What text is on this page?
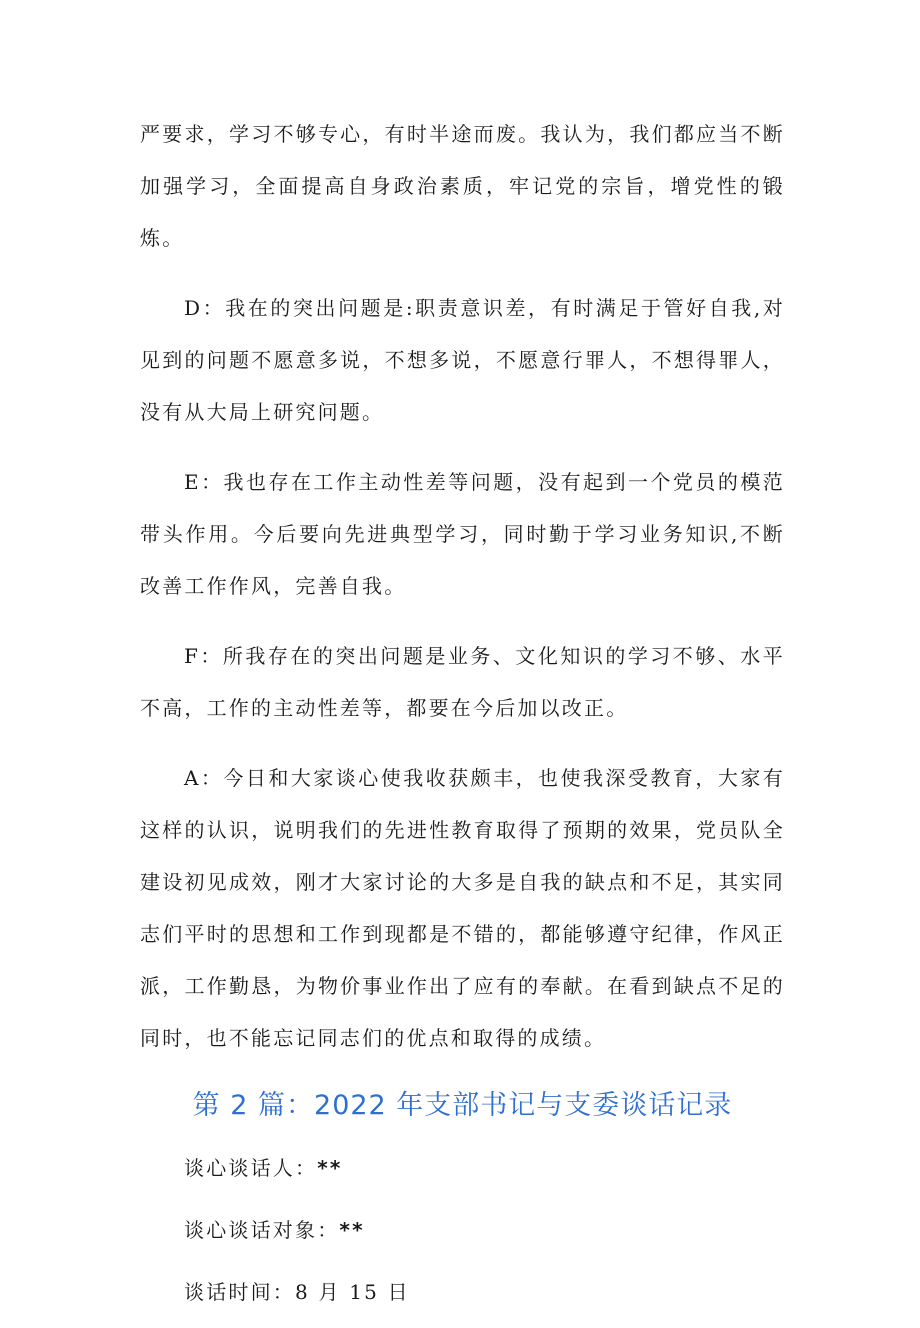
严要求，学习不够专心，有时半途而废。我认为，我们都应当不断加强学习，全面提高自身政治素质，牢记党的宗旨，增党性的锻炼。

D：我在的突出问题是:职责意识差，有时满足于管好自我,对见到的问题不愿意多说，不想多说，不愿意行罪人，不想得罪人，没有从大局上研究问题。

E：我也存在工作主动性差等问题，没有起到一个党员的模范带头作用。今后要向先进典型学习，同时勤于学习业务知识,不断改善工作作风，完善自我。

F：所我存在的突出问题是业务、文化知识的学习不够、水平不高，工作的主动性差等，都要在今后加以改正。

A：今日和大家谈心使我收获颇丰，也使我深受教育，大家有这样的认识，说明我们的先进性教育取得了预期的效果，党员队全建设初见成效，刚才大家讨论的大多是自我的缺点和不足，其实同志们平时的思想和工作到现都是不错的，都能够遵守纪律，作风正派，工作勤恳，为物价事业作出了应有的奉献。在看到缺点不足的同时，也不能忘记同志们的优点和取得的成绩。

第 2 篇：2022 年支部书记与支委谈话记录
谈心谈话人：**
谈心谈话对象：**
谈话时间：8 月 15 日
